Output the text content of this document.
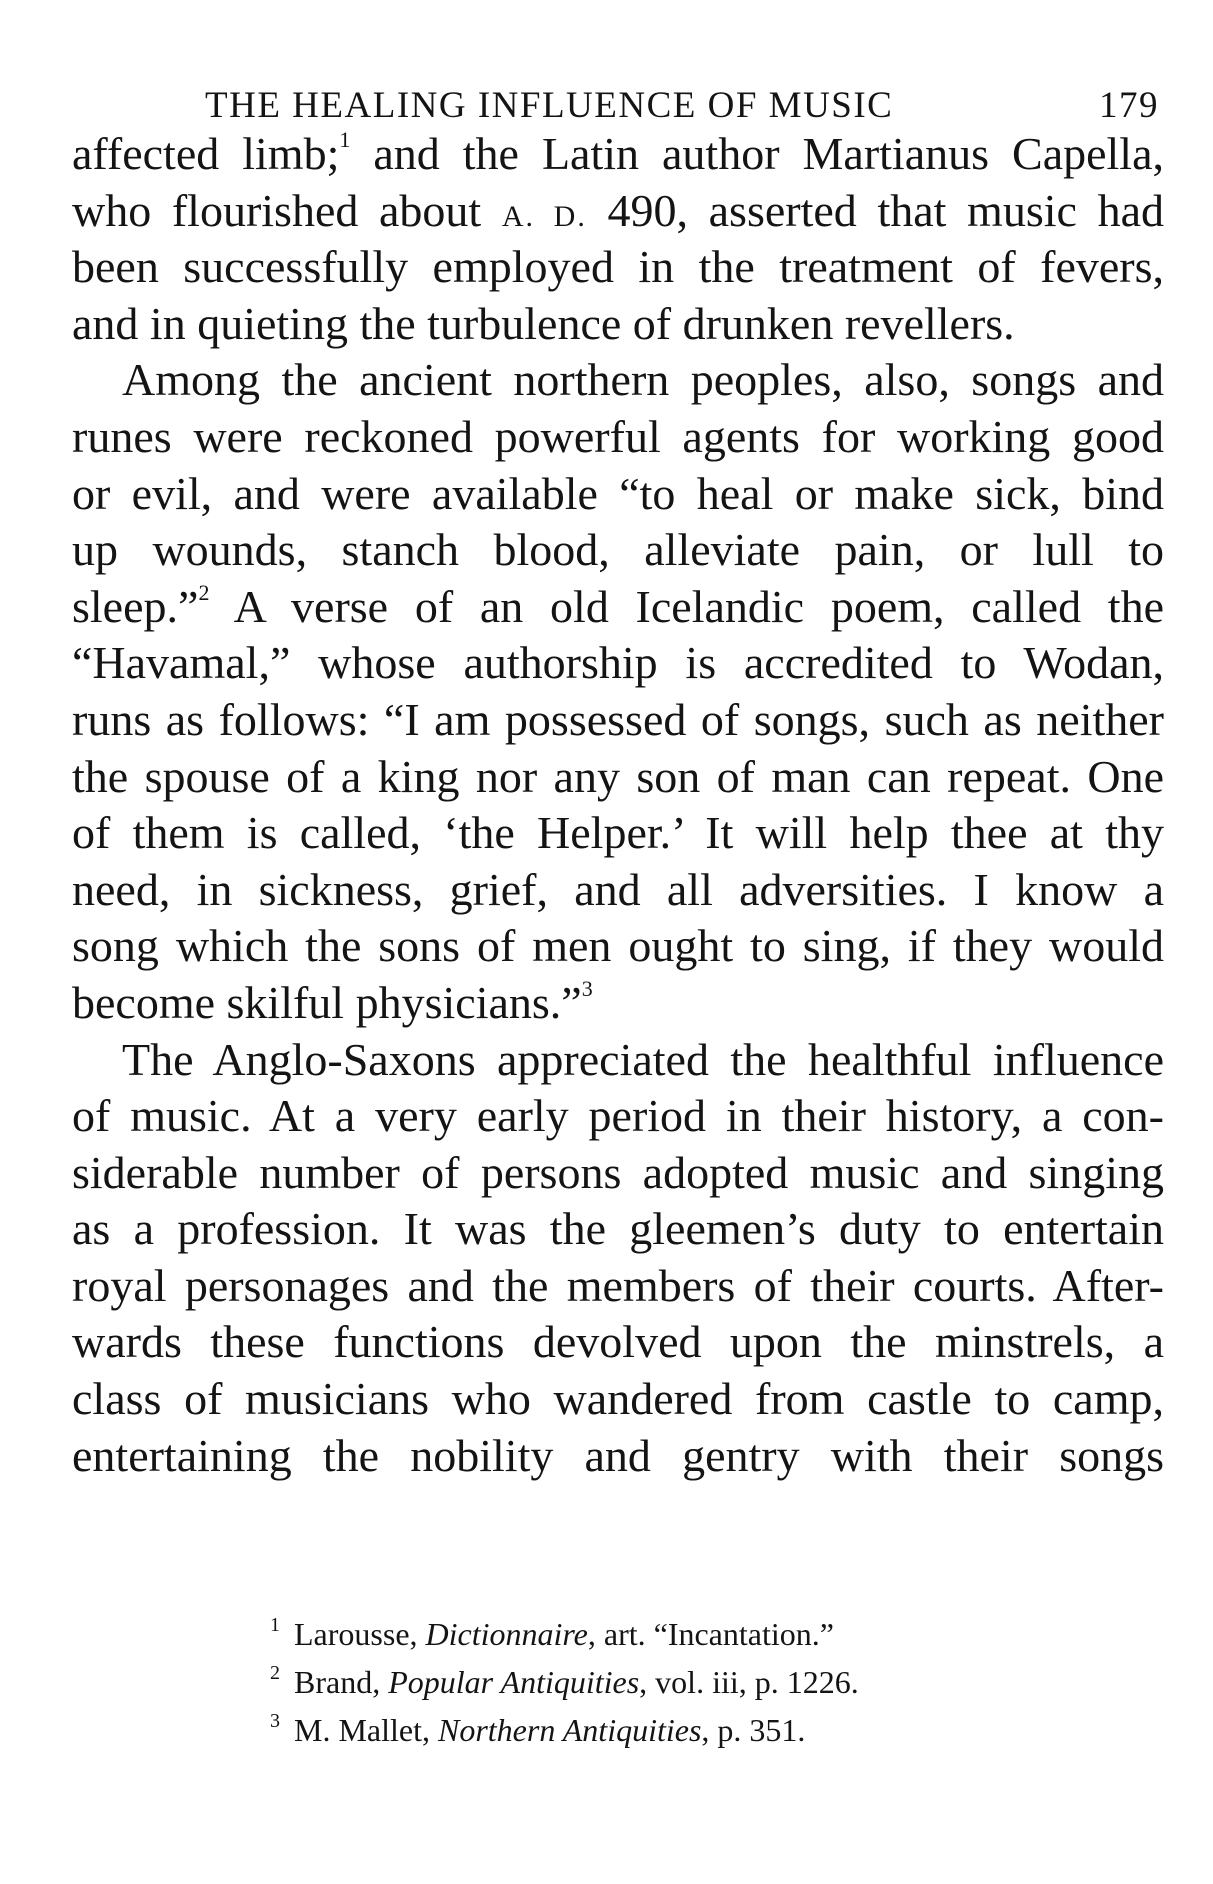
THE HEALING INFLUENCE OF MUSIC	179
affected limb;$^1$ and the Latin author Martianus Capella,
who flourished about A. D. 490, asserted that music had
been successfully employed in the treatment of fevers,
and in quieting the turbulence of drunken revellers.
Among the ancient northern peoples, also, songs and
runes were reckoned powerful agents for working good
or evil, and were available “to heal or make sick, bind
up wounds, stanch blood, alleviate pain, or lull to
sleep.”$^2$ A verse of an old Icelandic poem, called the
“Havamal,” whose authorship is accredited to Wodan,
runs as follows: “I am possessed of songs, such as neither
the spouse of a king nor any son of man can repeat. One
of them is called, ‘the Helper.’ It will help thee at thy
need, in sickness, grief, and all adversities. I know a
song which the sons of men ought to sing, if they would
become skilful physicians.”$^3$
The Anglo-Saxons appreciated the healthful influence
of music. At a very early period in their history, a con-
siderable number of persons adopted music and singing
as a profession. It was the gleemen’s duty to entertain
royal personages and the members of their courts. After-
wards these functions devolved upon the minstrels, a
class of musicians who wandered from castle to camp,
entertaining the nobility and gentry with their songs
$^1$ Larousse, Dictionnaire, art. “Incantation.”
$^2$ Brand, Popular Antiquities, vol. iii, p. 1226.
$^3$ M. Mallet, Northern Antiquities, p. 351.
